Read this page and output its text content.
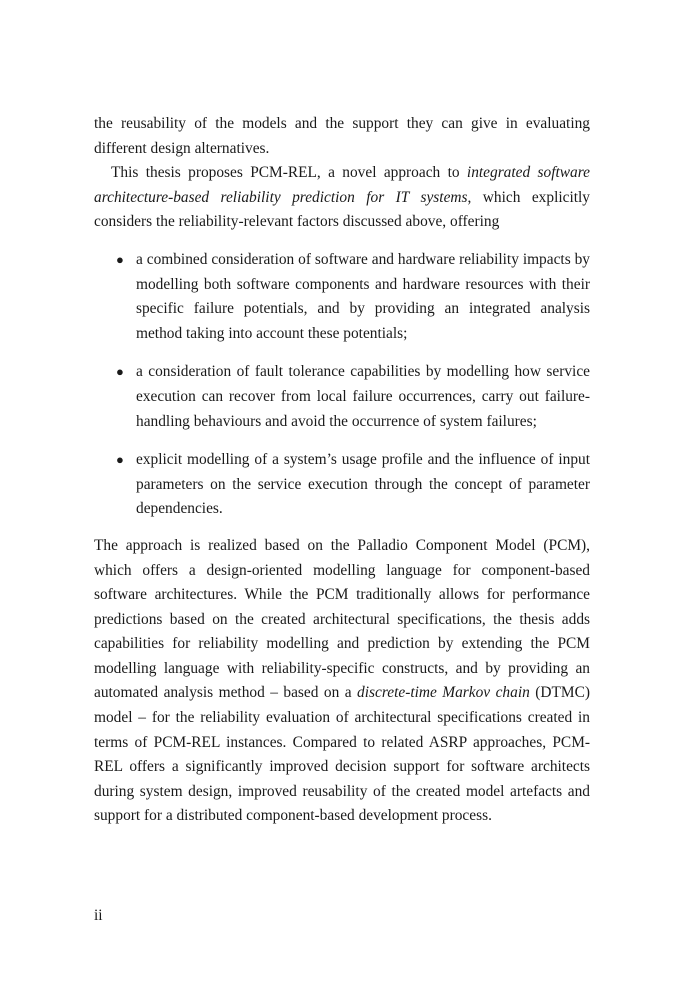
the reusability of the models and the support they can give in evaluating different design alternatives.

This thesis proposes PCM-REL, a novel approach to integrated software architecture-based reliability prediction for IT systems, which explicitly considers the reliability-relevant factors discussed above, offering

● a combined consideration of software and hardware reliability impacts by modelling both software components and hardware resources with their specific failure potentials, and by providing an integrated analysis method taking into account these potentials;

● a consideration of fault tolerance capabilities by modelling how service execution can recover from local failure occurrences, carry out failure-handling behaviours and avoid the occurrence of system failures;

● explicit modelling of a system’s usage profile and the influence of input parameters on the service execution through the concept of parameter dependencies.

The approach is realized based on the Palladio Component Model (PCM), which offers a design-oriented modelling language for component-based software architectures. While the PCM traditionally allows for performance predictions based on the created architectural specifications, the thesis adds capabilities for reliability modelling and prediction by extending the PCM modelling language with reliability-specific constructs, and by providing an automated analysis method – based on a discrete-time Markov chain (DTMC) model – for the reliability evaluation of architectural specifications created in terms of PCM-REL instances. Compared to related ASRP approaches, PCM-REL offers a significantly improved decision support for software architects during system design, improved reusability of the created model artefacts and support for a distributed component-based development process.

ii
